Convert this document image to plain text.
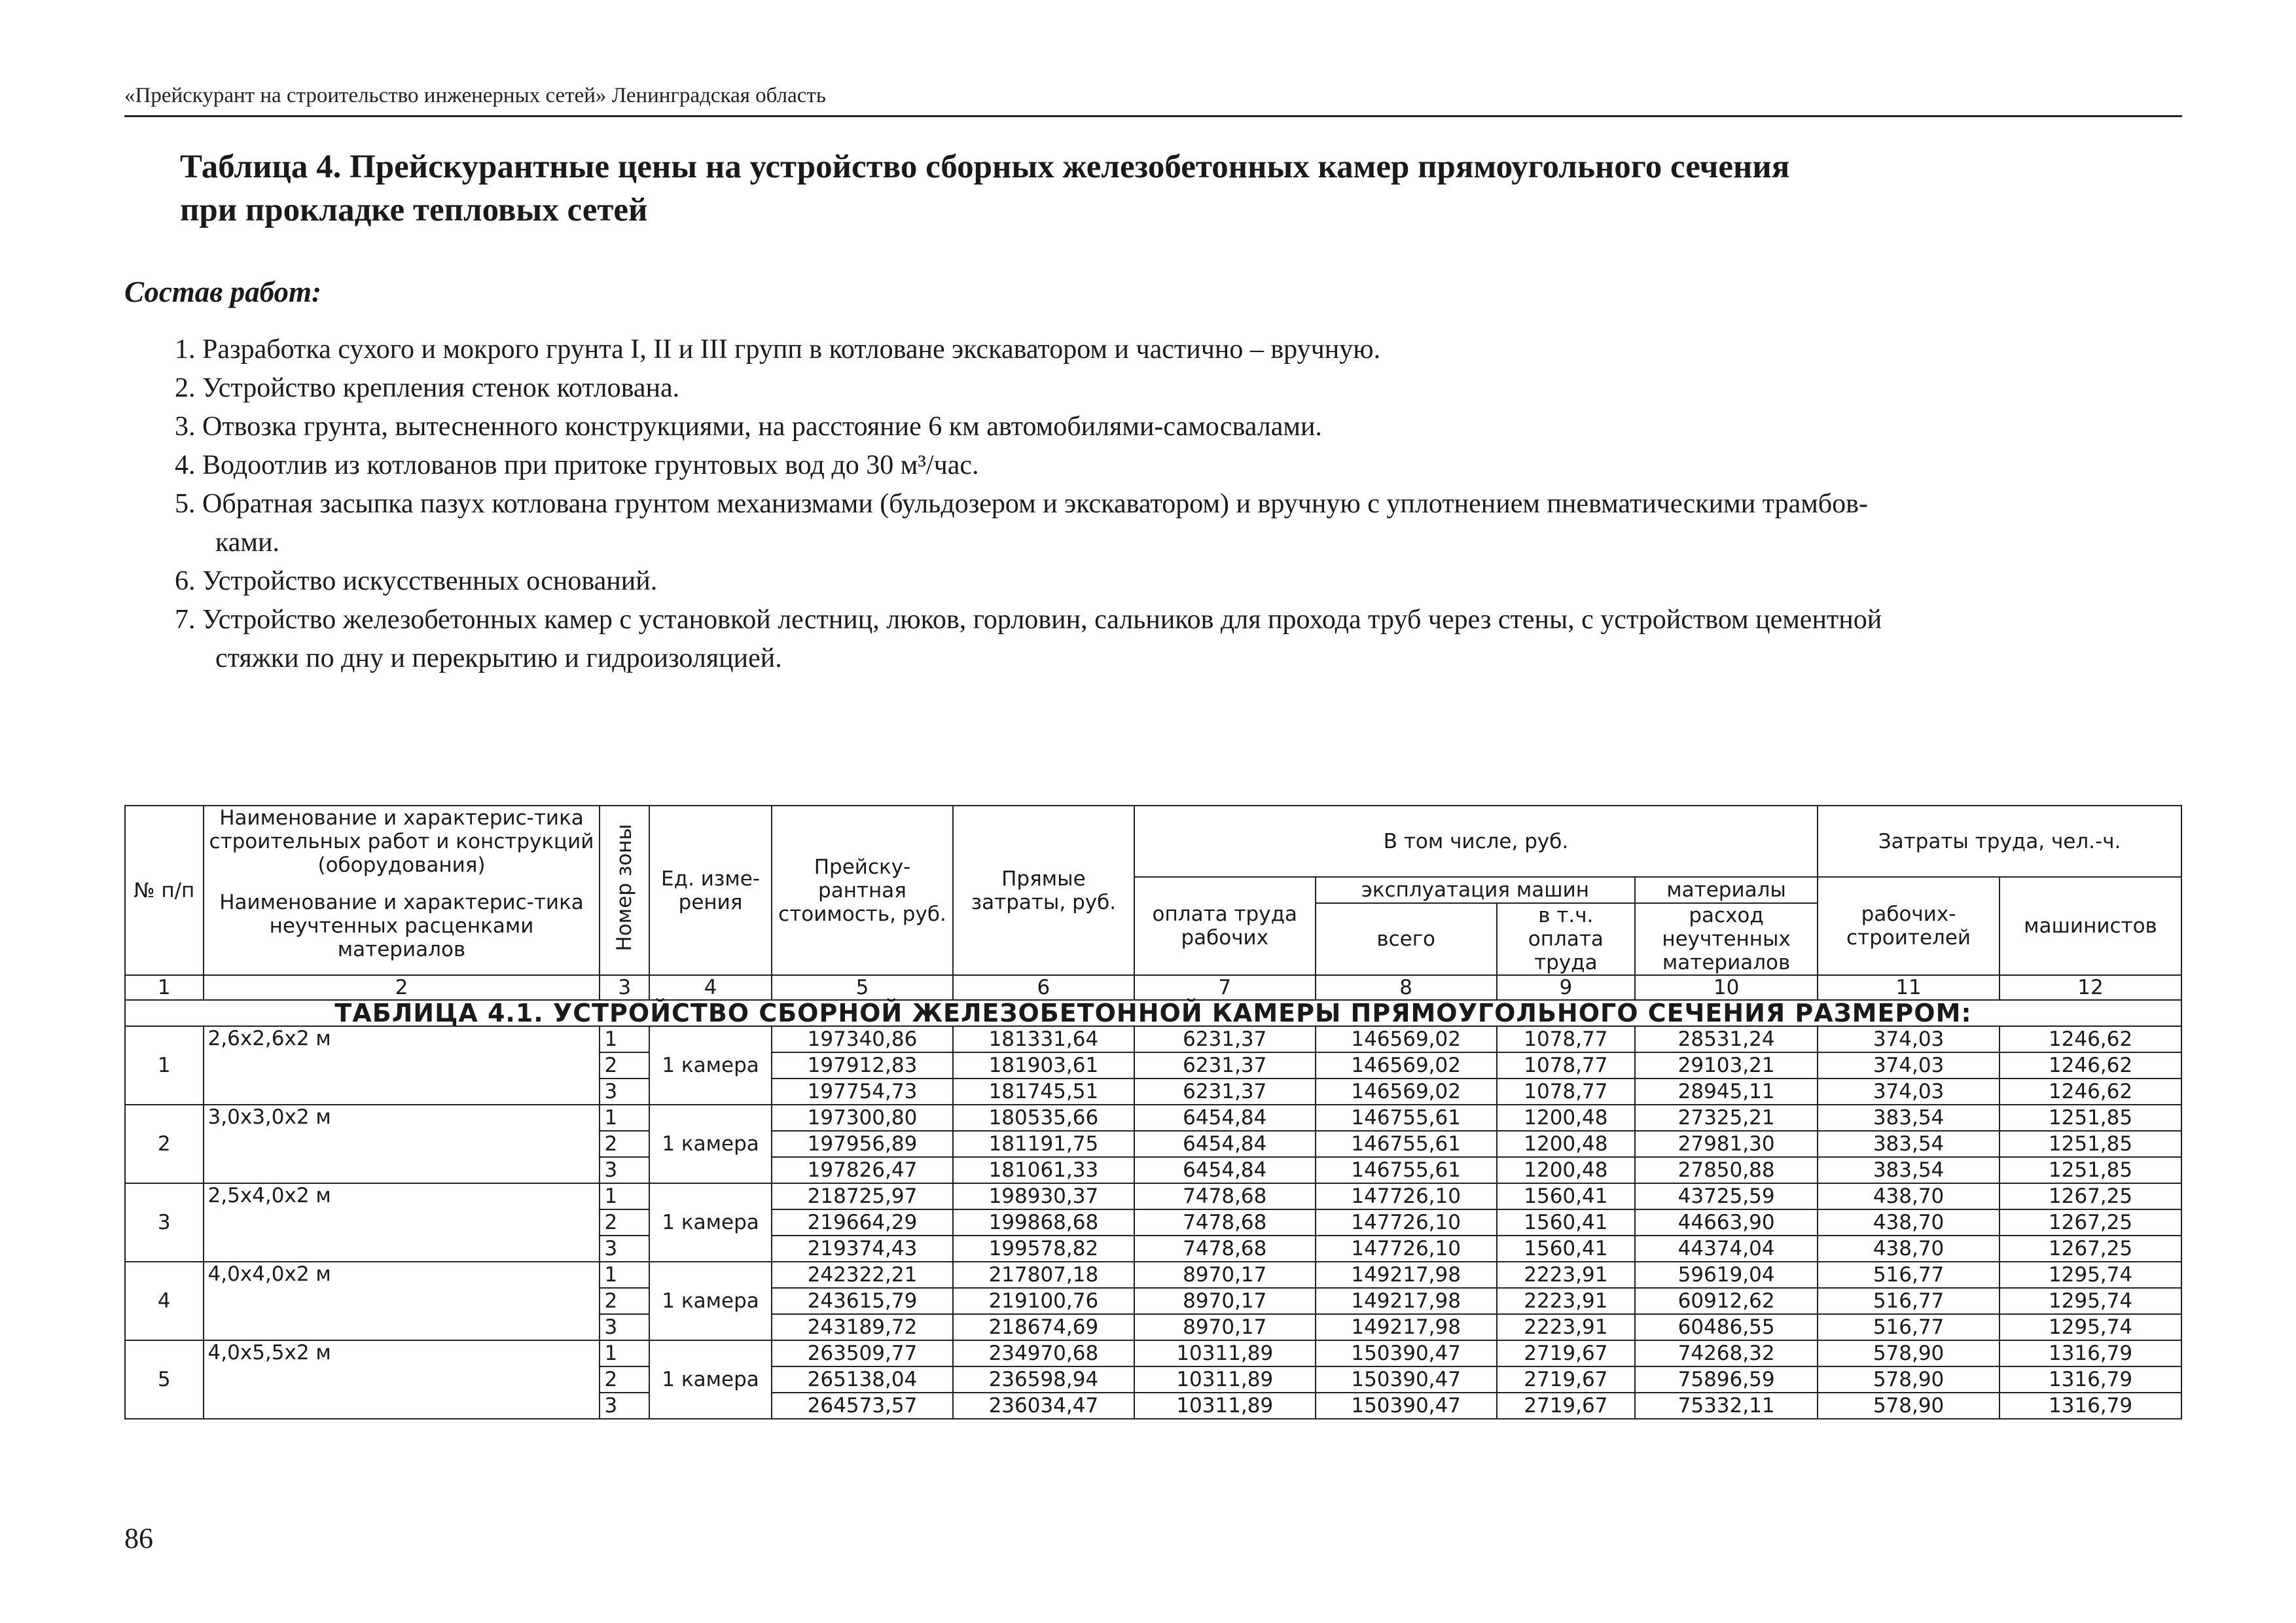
«Прейскурант на строительство инженерных сетей» Ленинградская область
Таблица 4. Прейскурантные цены на устройство сборных железобетонных камер прямоугольного сечения
при прокладке тепловых сетей
Состав работ:
1. Разработка сухого и мокрого грунта I, II и III групп в котловане экскаватором и частично – вручную.
2. Устройство крепления стенок котлована.
3. Отвозка грунта, вытесненного конструкциями, на расстояние 6 км автомобилями-самосвалами.
4. Водоотлив из котлованов при притоке грунтовых вод до 30 м³/час.
5. Обратная засыпка пазух котлована грунтом механизмами (бульдозером и экскаватором) и вручную с уплотнением пневматическими трамбов-
ками.
6. Устройство искусственных оснований.
7. Устройство железобетонных камер с установкой лестниц, люков, горловин, сальников для прохода труб через стены, с устройством цементной
стяжки по дну и перекрытию и гидроизоляцией.
№ п/п	Наименование и характерис-тика строительных работ и конструкций (оборудования)	Номер зоны	Ед. изме-рения	Прейску-рантная стоимость, руб.	Прямые затраты, руб.	В том числе, руб.				Затраты труда, чел.-ч.	
	Наименование и характерис-тика неучтенных расценками материалов					оплата труда рабочих	эксплуатация машин		материалы	рабочих-строителей	машинистов
							всего	в т.ч. оплата труда	расход неучтенных материалов		
1	2	3	4	5	6	7	8	9	10	11	12
ТАБЛИЦА 4.1. УСТРОЙСТВО СБОРНОЙ ЖЕЛЕЗОБЕТОННОЙ КАМЕРЫ ПРЯМОУГОЛЬНОГО СЕЧЕНИЯ РАЗМЕРОМ:											
1	2,6х2,6х2 м	1	1 камера	197340,86	181331,64	6231,37	146569,02	1078,77	28531,24	374,03	1246,62
		2		197912,83	181903,61	6231,37	146569,02	1078,77	29103,21	374,03	1246,62
		3		197754,73	181745,51	6231,37	146569,02	1078,77	28945,11	374,03	1246,62
2	3,0х3,0х2 м	1	1 камера	197300,80	180535,66	6454,84	146755,61	1200,48	27325,21	383,54	1251,85
		2		197956,89	181191,75	6454,84	146755,61	1200,48	27981,30	383,54	1251,85
		3		197826,47	181061,33	6454,84	146755,61	1200,48	27850,88	383,54	1251,85
3	2,5х4,0х2 м	1	1 камера	218725,97	198930,37	7478,68	147726,10	1560,41	43725,59	438,70	1267,25
		2		219664,29	199868,68	7478,68	147726,10	1560,41	44663,90	438,70	1267,25
		3		219374,43	199578,82	7478,68	147726,10	1560,41	44374,04	438,70	1267,25
4	4,0х4,0х2 м	1	1 камера	242322,21	217807,18	8970,17	149217,98	2223,91	59619,04	516,77	1295,74
		2		243615,79	219100,76	8970,17	149217,98	2223,91	60912,62	516,77	1295,74
		3		243189,72	218674,69	8970,17	149217,98	2223,91	60486,55	516,77	1295,74
5	4,0х5,5х2 м	1	1 камера	263509,77	234970,68	10311,89	150390,47	2719,67	74268,32	578,90	1316,79
		2		265138,04	236598,94	10311,89	150390,47	2719,67	75896,59	578,90	1316,79
		3		264573,57	236034,47	10311,89	150390,47	2719,67	75332,11	578,90	1316,79
86
